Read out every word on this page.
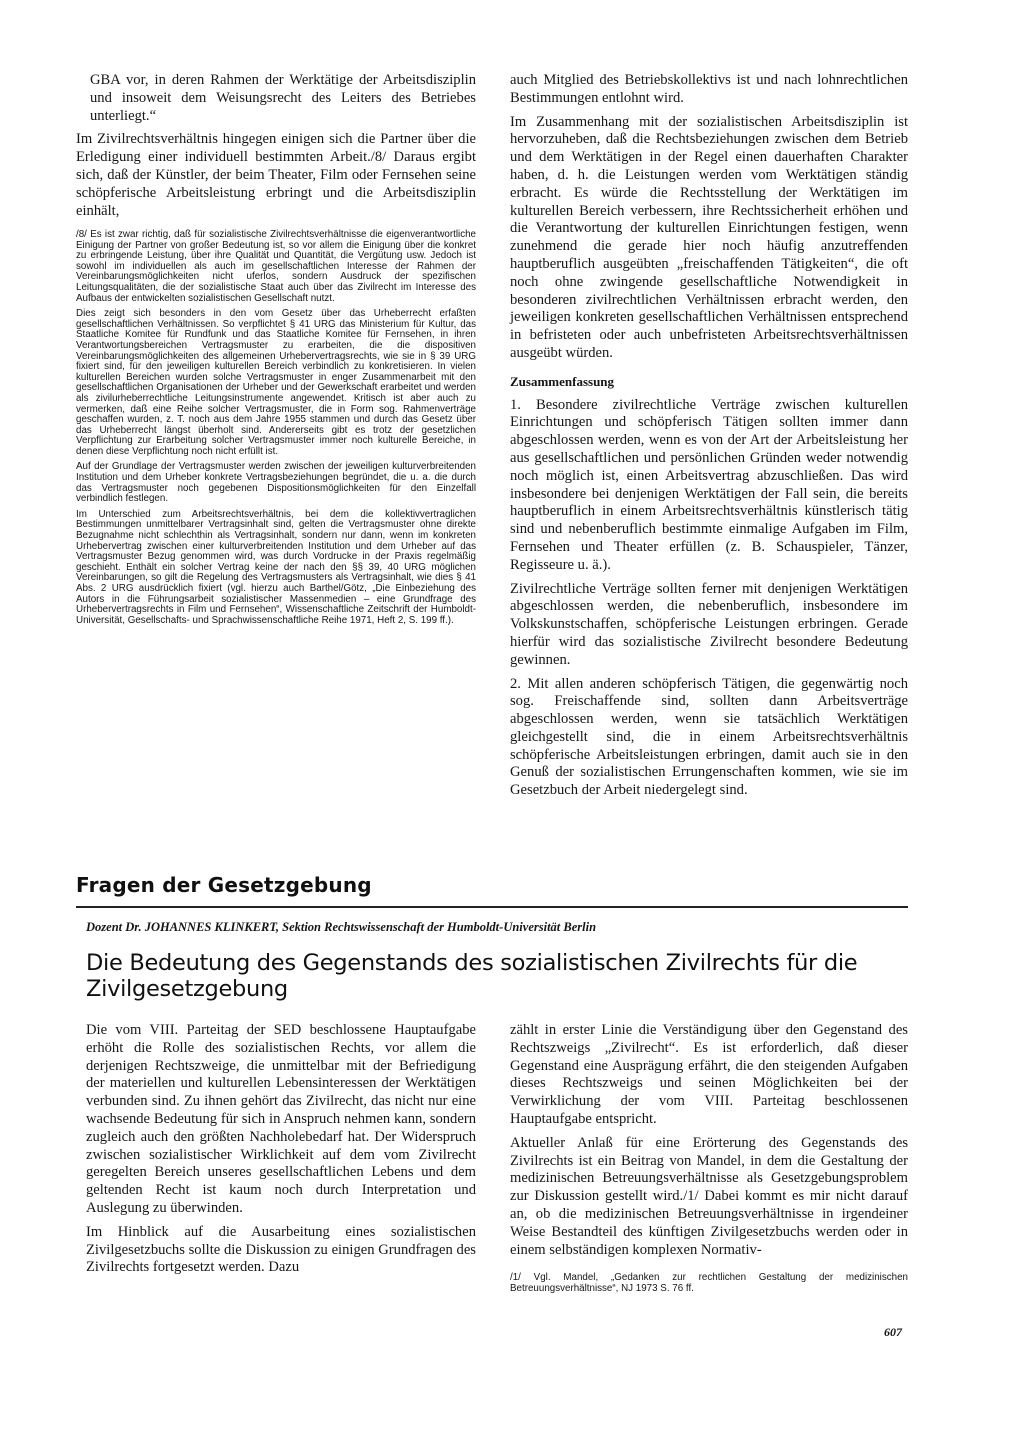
GBA vor, in deren Rahmen der Werktätige der Arbeitsdisziplin und insoweit dem Weisungsrecht des Leiters des Betriebes unterliegt.“

Im Zivilrechtsverhältnis hingegen einigen sich die Partner über die Erledigung einer individuell bestimmten Arbeit./8/ Daraus ergibt sich, daß der Künstler, der beim Theater, Film oder Fernsehen seine schöpferische Arbeitsleistung erbringt und die Arbeitsdisziplin einhält,

/8/ Es ist zwar richtig, daß für sozialistische Zivilrechtsverhältnisse die eigenverantwortliche Einigung der Partner von großer Bedeutung ist, so vor allem die Einigung über die konkret zu erbringende Leistung, über ihre Qualität und Quantität, die Vergütung usw. Jedoch ist sowohl im individuellen als auch im gesellschaftlichen Interesse der Rahmen der Vereinbarungsmöglichkeiten nicht uferlos, sondern Ausdruck der spezifischen Leitungsqualitäten, die der sozialistische Staat auch über das Zivilrecht im Interesse des Aufbaus der entwickelten sozialistischen Gesellschaft nutzt.

Dies zeigt sich besonders in den vom Gesetz über das Urheberrecht erfaßten gesellschaftlichen Verhältnissen. So verpflichtet § 41 URG das Ministerium für Kultur, das Staatliche Komitee für Rundfunk und das Staatliche Komitee für Fernsehen, in ihren Verantwortungsbereichen Vertragsmuster zu erarbeiten, die die dispositiven Vereinbarungsmöglichkeiten des allgemeinen Urhebervertragsrechts, wie sie in § 39 URG fixiert sind, für den jeweiligen kulturellen Bereich verbindlich zu konkretisieren. In vielen kulturellen Bereichen wurden solche Vertragsmuster in enger Zusammenarbeit mit den gesellschaftlichen Organisationen der Urheber und der Gewerkschaft erarbeitet und werden als zivilurheberrechtliche Leitungsinstrumente angewendet. Kritisch ist aber auch zu vermerken, daß eine Reihe solcher Vertragsmuster, die in Form sog. Rahmenverträge geschaffen wurden, z. T. noch aus dem Jahre 1955 stammen und durch das Gesetz über das Urheberrecht längst überholt sind. Andererseits gibt es trotz der gesetzlichen Verpflichtung zur Erarbeitung solcher Vertragsmuster immer noch kulturelle Bereiche, in denen diese Verpflichtung noch nicht erfüllt ist.

Auf der Grundlage der Vertragsmuster werden zwischen der jeweiligen kulturverbreitenden Institution und dem Urheber konkrete Vertragsbeziehungen begründet, die u. a. die durch das Vertragsmuster noch gegebenen Dispositionsmöglichkeiten für den Einzelfall verbindlich festlegen.

Im Unterschied zum Arbeitsrechtsverhältnis, bei dem die kollektivvertraglichen Bestimmungen unmittelbarer Vertragsinhalt sind, gelten die Vertragsmuster ohne direkte Bezugnahme nicht schlechthin als Vertragsinhalt, sondern nur dann, wenn im konkreten Urhebervertrag zwischen einer kulturverbreitenden Institution und dem Urheber auf das Vertragsmuster Bezug genommen wird, was durch Vordrucke in der Praxis regelmäßig geschieht. Enthält ein solcher Vertrag keine der nach den §§ 39, 40 URG möglichen Vereinbarungen, so gilt die Regelung des Vertragsmusters als Vertragsinhalt, wie dies § 41 Abs. 2 URG ausdrücklich fixiert (vgl. hierzu auch Barthel/Götz, „Die Einbeziehung des Autors in die Führungsarbeit sozialistischer Massenmedien – eine Grundfrage des Urhebervertragsrechts in Film und Fernsehen“, Wissenschaftliche Zeitschrift der Humboldt-Universität, Gesellschafts- und Sprachwissenschaftliche Reihe 1971, Heft 2, S. 199 ff.).

auch Mitglied des Betriebskollektivs ist und nach lohnrechtlichen Bestimmungen entlohnt wird.

Im Zusammenhang mit der sozialistischen Arbeitsdisziplin ist hervorzuheben, daß die Rechtsbeziehungen zwischen dem Betrieb und dem Werktätigen in der Regel einen dauerhaften Charakter haben, d. h. die Leistungen werden vom Werktätigen ständig erbracht. Es würde die Rechtsstellung der Werktätigen im kulturellen Bereich verbessern, ihre Rechtssicherheit erhöhen und die Verantwortung der kulturellen Einrichtungen festigen, wenn zunehmend die gerade hier noch häufig anzutreffenden hauptberuflich ausgeübten „freischaffenden Tätigkeiten“, die oft noch ohne zwingende gesellschaftliche Notwendigkeit in besonderen zivilrechtlichen Verhältnissen erbracht werden, den jeweiligen konkreten gesellschaftlichen Verhältnissen entsprechend in befristeten oder auch unbefristeten Arbeitsrechtsverhältnissen ausgeübt würden.

Zusammenfassung

1. Besondere zivilrechtliche Verträge zwischen kulturellen Einrichtungen und schöpferisch Tätigen sollten immer dann abgeschlossen werden, wenn es von der Art der Arbeitsleistung her aus gesellschaftlichen und persönlichen Gründen weder notwendig noch möglich ist, einen Arbeitsvertrag abzuschließen. Das wird insbesondere bei denjenigen Werktätigen der Fall sein, die bereits hauptberuflich in einem Arbeitsrechtsverhältnis künstlerisch tätig sind und nebenberuflich bestimmte einmalige Aufgaben im Film, Fernsehen und Theater erfüllen (z. B. Schauspieler, Tänzer, Regisseure u. ä.).

Zivilrechtliche Verträge sollten ferner mit denjenigen Werktätigen abgeschlossen werden, die nebenberuflich, insbesondere im Volkskunstschaffen, schöpferische Leistungen erbringen. Gerade hierfür wird das sozialistische Zivilrecht besondere Bedeutung gewinnen.

2. Mit allen anderen schöpferisch Tätigen, die gegenwärtig noch sog. Freischaffende sind, sollten dann Arbeitsverträge abgeschlossen werden, wenn sie tatsächlich Werktätigen gleichgestellt sind, die in einem Arbeitsrechtsverhältnis schöpferische Arbeitsleistungen erbringen, damit auch sie in den Genuß der sozialistischen Errungenschaften kommen, wie sie im Gesetzbuch der Arbeit niedergelegt sind.

Fragen der Gesetzgebung

Dozent Dr. JOHANNES KLINKERT, Sektion Rechtswissenschaft der Humboldt-Universität Berlin

Die Bedeutung des Gegenstands des sozialistischen Zivilrechts für die Zivilgesetzgebung

Die vom VIII. Parteitag der SED beschlossene Hauptaufgabe erhöht die Rolle des sozialistischen Rechts, vor allem die derjenigen Rechtszweige, die unmittelbar mit der Befriedigung der materiellen und kulturellen Lebensinteressen der Werktätigen verbunden sind. Zu ihnen gehört das Zivilrecht, das nicht nur eine wachsende Bedeutung für sich in Anspruch nehmen kann, sondern zugleich auch den größten Nachholebedarf hat. Der Widerspruch zwischen sozialistischer Wirklichkeit auf dem vom Zivilrecht geregelten Bereich unseres gesellschaftlichen Lebens und dem geltenden Recht ist kaum noch durch Interpretation und Auslegung zu überwinden.

Im Hinblick auf die Ausarbeitung eines sozialistischen Zivilgesetzbuchs sollte die Diskussion zu einigen Grundfragen des Zivilrechts fortgesetzt werden. Dazu

zählt in erster Linie die Verständigung über den Gegenstand des Rechtszweigs „Zivilrecht“. Es ist erforderlich, daß dieser Gegenstand eine Ausprägung erfährt, die den steigenden Aufgaben dieses Rechtszweigs und seinen Möglichkeiten bei der Verwirklichung der vom VIII. Parteitag beschlossenen Hauptaufgabe entspricht.

Aktueller Anlaß für eine Erörterung des Gegenstands des Zivilrechts ist ein Beitrag von Mandel, in dem die Gestaltung der medizinischen Betreuungsverhältnisse als Gesetzgebungsproblem zur Diskussion gestellt wird./1/ Dabei kommt es mir nicht darauf an, ob die medizinischen Betreuungsverhältnisse in irgendeiner Weise Bestandteil des künftigen Zivilgesetzbuchs werden oder in einem selbständigen komplexen Normativ-

/1/ Vgl. Mandel, „Gedanken zur rechtlichen Gestaltung der medizinischen Betreuungsverhältnisse“, NJ 1973 S. 76 ff.

607
